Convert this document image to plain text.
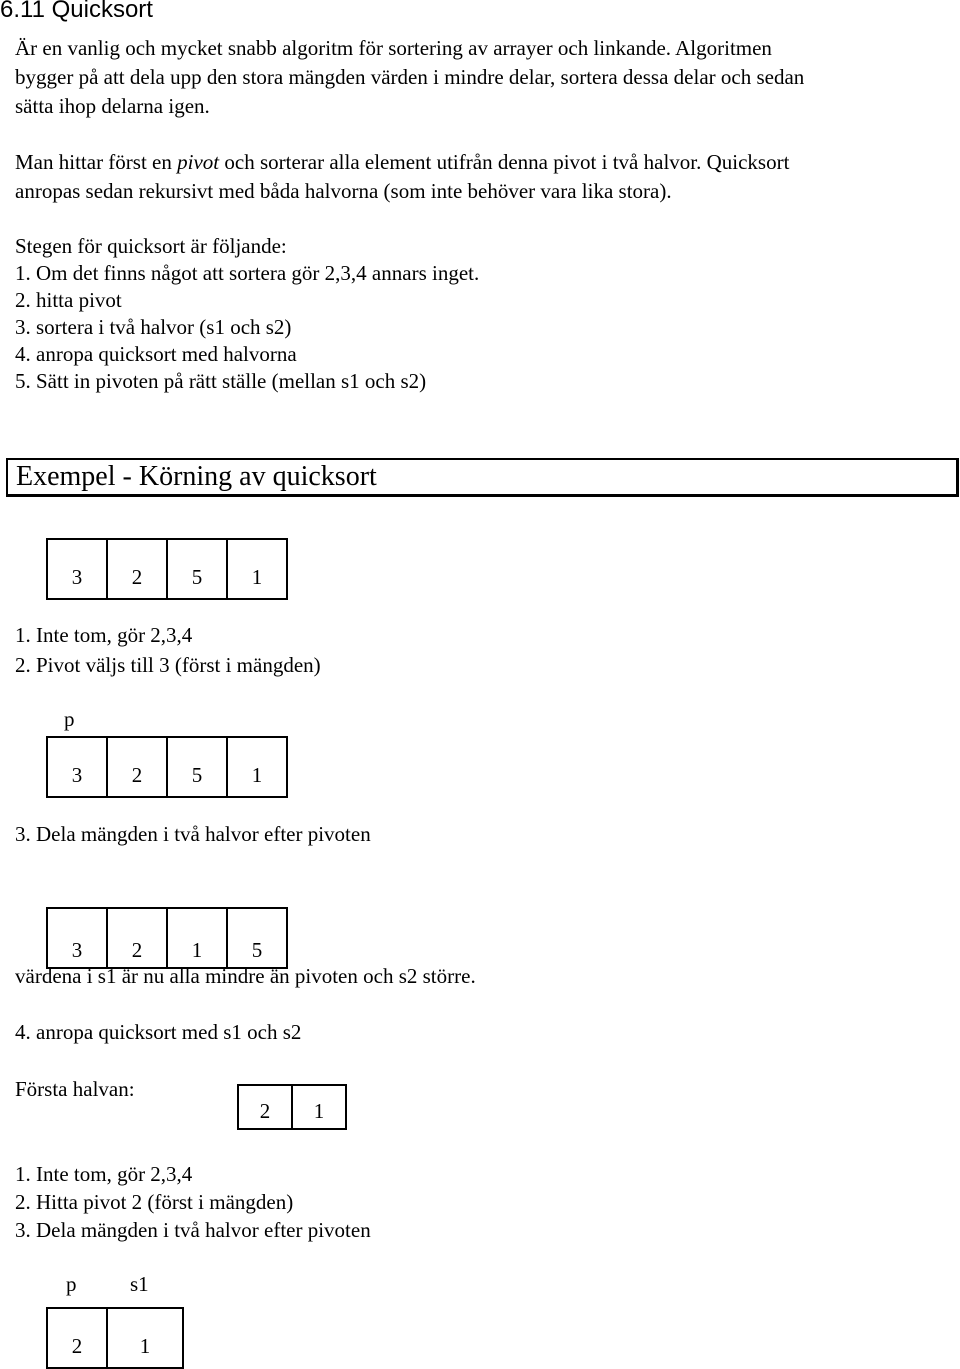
6.11 Quicksort
Är en vanlig och mycket snabb algoritm för sortering av arrayer och linkande. Algoritmen
bygger på att dela upp den stora mängden värden i mindre delar, sortera dessa delar och sedan
sätta ihop delarna igen.
Man hittar först en pivot och sorterar alla element utifrån denna pivot i två halvor. Quicksort
anropas sedan rekursivt med båda halvorna (som inte behöver vara lika stora).
Stegen för quicksort är följande:
1. Om det finns något att sortera gör 2,3,4 annars inget.
2. hitta pivot
3. sortera i två halvor (s1 och s2)
4. anropa quicksort med halvorna
5. Sätt in pivoten på rätt ställe (mellan s1 och s2)
Exempel - Körning av quicksort
3	2	5	1
1. Inte tom, gör 2,3,4
2. Pivot väljs till 3 (först i mängden)
p
3	2	5	1
3. Dela mängden i två halvor efter pivoten
3	2	1	5
värdena i s1 är nu alla mindre än pivoten och s2 större.
4. anropa quicksort med s1 och s2
Första halvan:
2	1
1. Inte tom, gör 2,3,4
2. Hitta pivot 2 (först i mängden)
3. Dela mängden i två halvor efter pivoten
p	s1
2	1
